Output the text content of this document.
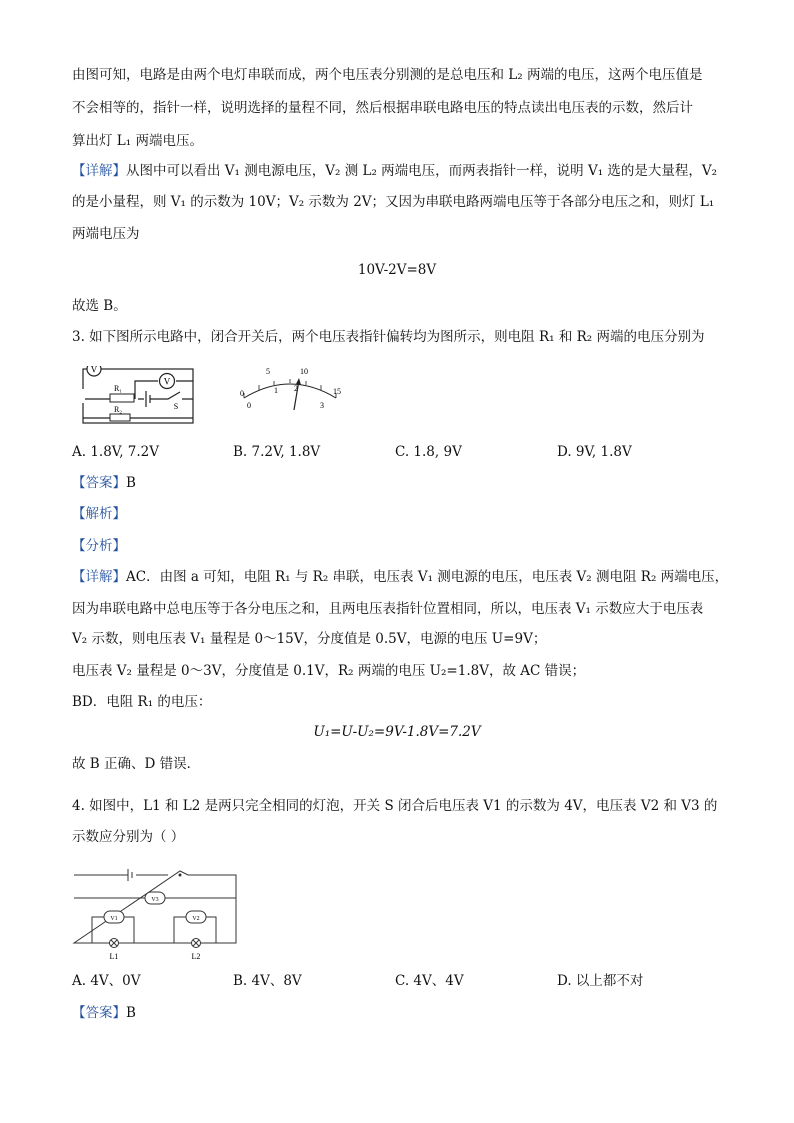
由图可知，电路是由两个电灯串联而成，两个电压表分别测的是总电压和 L₂ 两端的电压，这两个电压值是
不会相等的，指针一样，说明选择的量程不同，然后根据串联电路电压的特点读出电压表的示数，然后计
算出灯 L₁ 两端电压。
【详解】从图中可以看出 V₁ 测电源电压，V₂ 测 L₂ 两端电压，而两表指针一样，说明 V₁ 选的是大量程，V₂
的是小量程，则 V₁ 的示数为 10V；V₂ 示数为 2V；又因为串联电路两端电压等于各部分电压之和，则灯 L₁
两端电压为
10V-2V=8V
故选 B。
3. 如下图所示电路中，闭合开关后，两个电压表指针偏转均为图所示，则电阻 R₁ 和 R₂ 两端的电压分别为
V
V
R₁
R₂	S
0
5	10
15
0
1 2
3
A. 1.8V, 7.2V	B. 7.2V, 1.8V	C. 1.8, 9V	D. 9V, 1.8V
【答案】B
【解析】
【分析】
【详解】AC．由图 a 可知，电阻 R₁ 与 R₂ 串联，电压表 V₁ 测电源的电压，电压表 V₂ 测电阻 R₂ 两端电压，
因为串联电路中总电压等于各分电压之和，且两电压表指针位置相同，所以，电压表 V₁ 示数应大于电压表
V₂ 示数，则电压表 V₁ 量程是 0～15V，分度值是 0.5V，电源的电压 U=9V；
电压表 V₂ 量程是 0～3V，分度值是 0.1V，R₂ 两端的电压 U₂=1.8V，故 AC 错误；
BD．电阻 R₁ 的电压：
U₁=U-U₂=9V-1.8V=7.2V
故 B 正确、D 错误．
4. 如图中，L1 和 L2 是两只完全相同的灯泡，开关 S 闭合后电压表 V1 的示数为 4V，电压表 V2 和 V3 的
示数应分别为（ ）
V3
V1	V2
L1	L2
A. 4V、0V	B. 4V、8V	C. 4V、4V	D. 以上都不对
【答案】B
